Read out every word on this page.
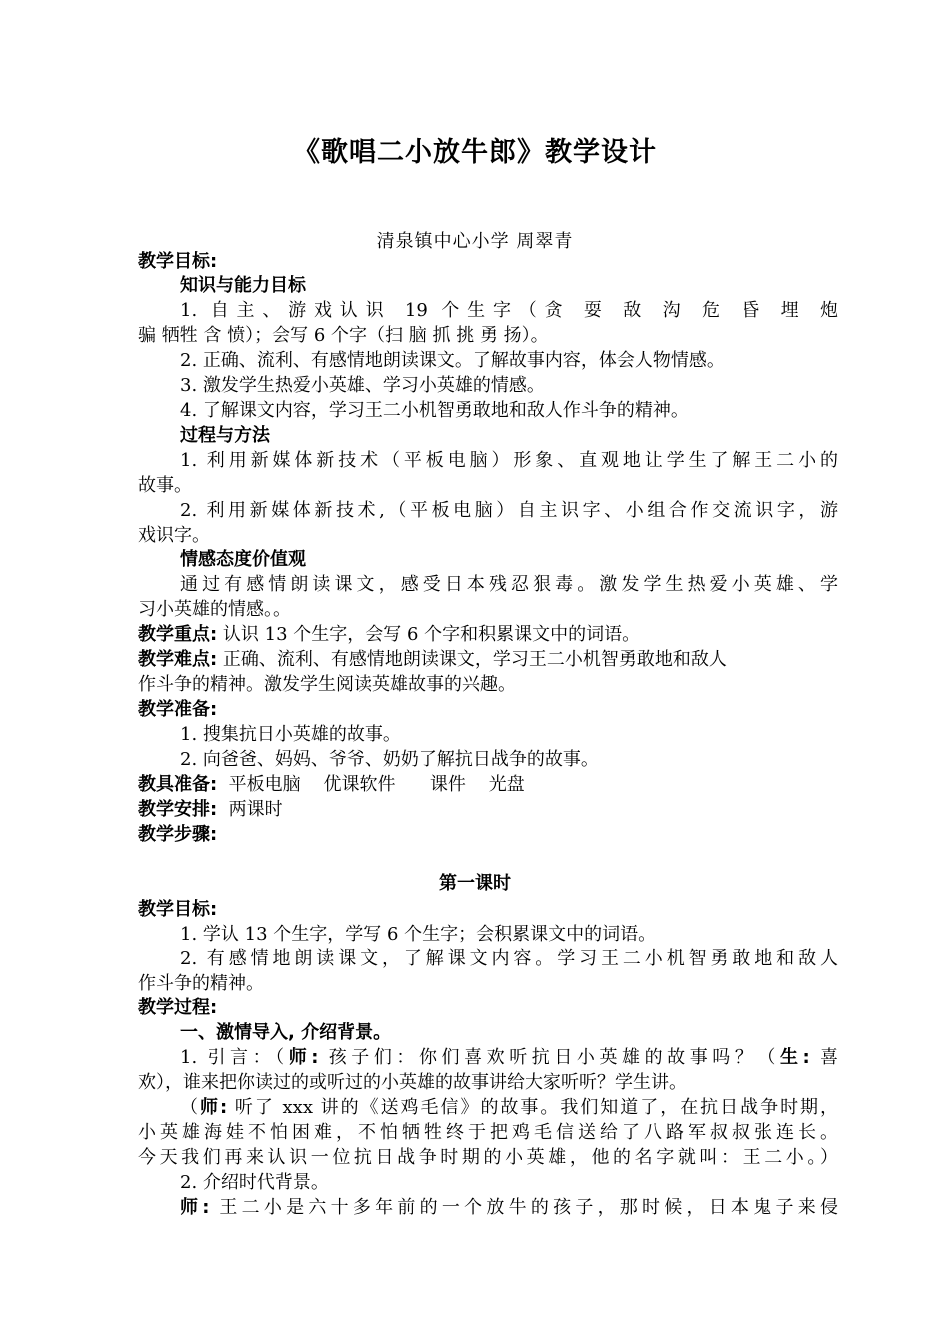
《歌唱二小放牛郎》教学设计
清泉镇中心小学 周翠青
教学目标:
知识与能力目标
1. 自主、游戏认识 19 个生字（贪 耍 敌 沟 危 昏 埋 炮
骗 牺牲 含 愤）；会写 6 个字（扫 脑 抓 挑 勇 扬）。
2. 正确、流利、有感情地朗读课文。了解故事内容，体会人物情感。
3. 激发学生热爱小英雄、学习小英雄的情感。
4. 了解课文内容，学习王二小机智勇敢地和敌人作斗争的精神。
过程与方法
1. 利用新媒体新技术（平板电脑）形象、直观地让学生了解王二小的
故事。
2. 利用新媒体新技术,（平板电脑）自主识字、小组合作交流识字，游
戏识字。
情感态度价值观
通过有感情朗读课文，感受日本残忍狠毒。激发学生热爱小英雄、学
习小英雄的情感。。
教学重点: 认识 13 个生字，会写 6 个字和积累课文中的词语。
教学难点: 正确、流利、有感情地朗读课文，学习王二小机智勇敢地和敌人
作斗争的精神。激发学生阅读英雄故事的兴趣。
教学准备:
1. 搜集抗日小英雄的故事。
2. 向爸爸、妈妈、爷爷、奶奶了解抗日战争的故事。
教具准备:  平板电脑    优课软件      课件    光盘
教学安排:  两课时
教学步骤:
第一课时
教学目标:
1. 学认 13 个生字，学写 6 个生字；会积累课文中的词语。
2. 有感情地朗读课文，了解课文内容。学习王二小机智勇敢地和敌人
作斗争的精神。
教学过程:
一、激情导入, 介绍背景。
1. 引言：（师: 孩子们：你们喜欢听抗日小英雄的故事吗？（生: 喜
欢），谁来把你读过的或听过的小英雄的故事讲给大家听听？学生讲。
（师: 听了 xxx 讲的《送鸡毛信》的故事。我们知道了，在抗日战争时期，
小英雄海娃不怕困难，不怕牺牲终于把鸡毛信送给了八路军叔叔张连长。
今天我们再来认识一位抗日战争时期的小英雄，他的名字就叫：王二小。）
2. 介绍时代背景。
师: 王二小是六十多年前的一个放牛的孩子，那时候，日本鬼子来侵
